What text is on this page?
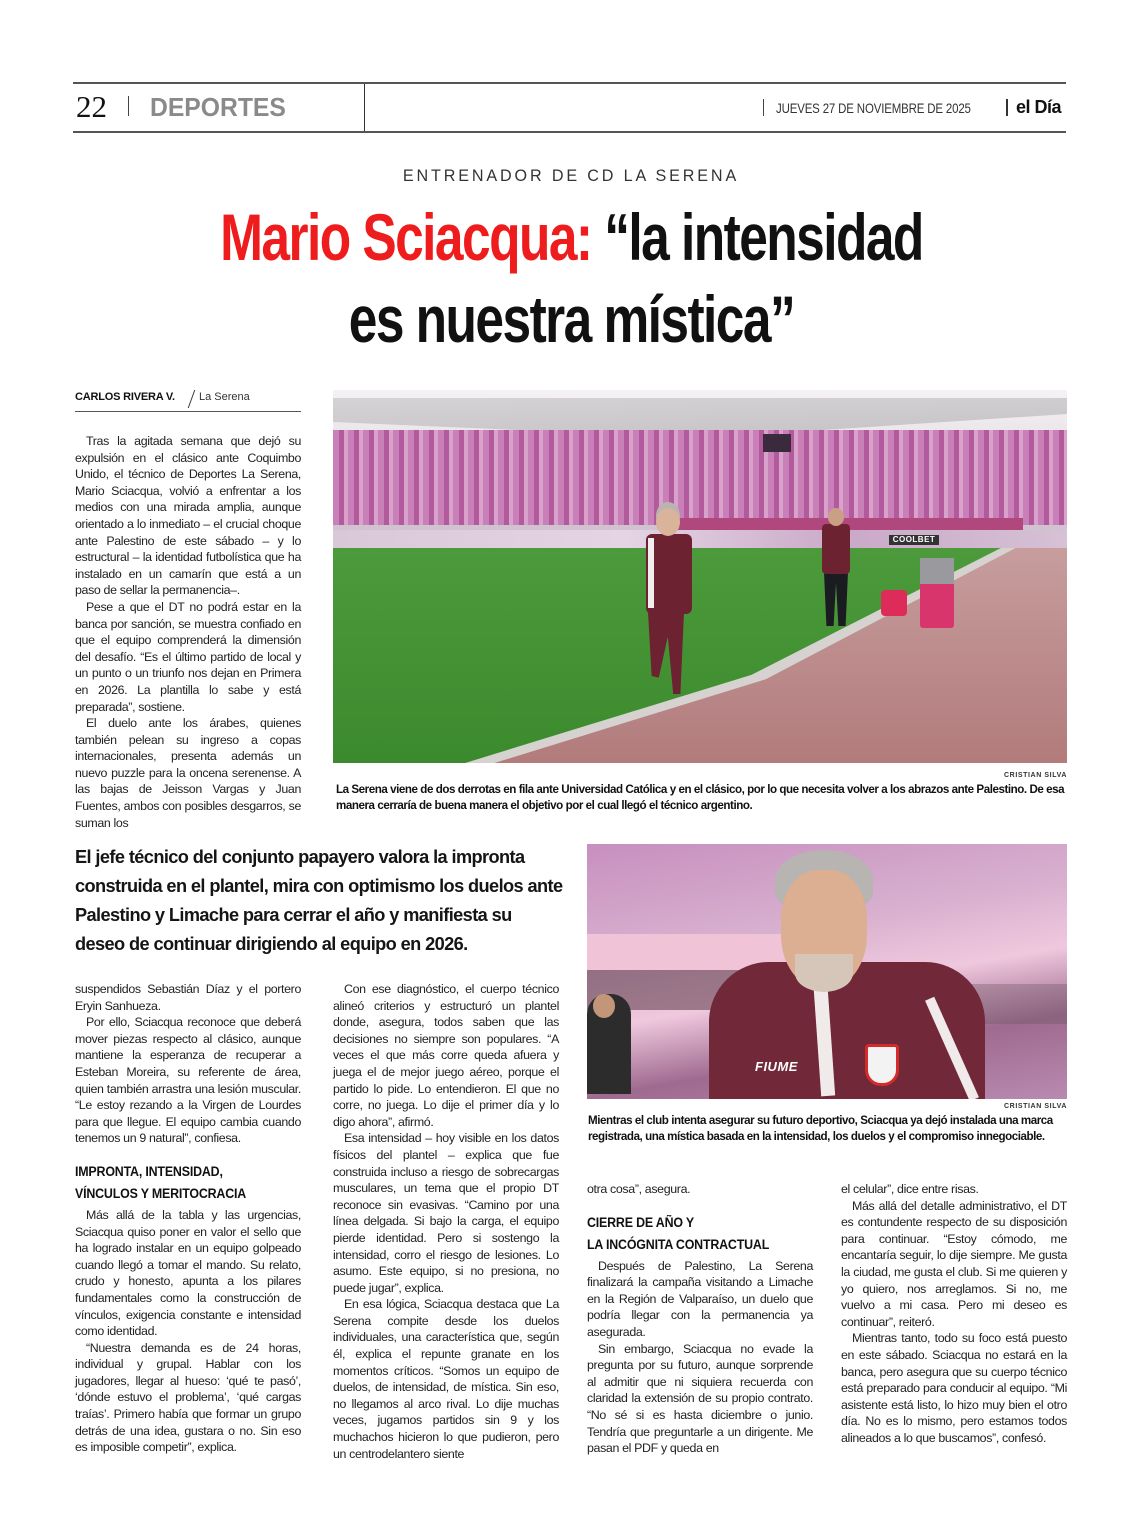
22 DEPORTES	JUEVES 27 DE NOVIEMBRE DE 2025	el Día
ENTRENADOR DE CD LA SERENA
Mario Sciacqua: “la intensidad
es nuestra mística”
CARLOS RIVERA V. La Serena

Tras la agitada semana que dejó su expulsión en el clásico ante Coquimbo Unido, el técnico de Deportes La Serena, Mario Sciacqua, volvió a enfrentar a los medios con una mirada amplia, aunque orientado a lo inmediato – el crucial choque ante Palestino de este sábado – y lo estructural – la identidad futbolística que ha instalado en un camarín que está a un paso de sellar la permanencia–.

Pese a que el DT no podrá estar en la banca por sanción, se muestra confiado en que el equipo comprenderá la dimensión del desafío. “Es el último partido de local y un punto o un triunfo nos dejan en Primera en 2026. La plantilla lo sabe y está preparada”, sostiene.

El duelo ante los árabes, quienes también pelean su ingreso a copas internacionales, presenta además un nuevo puzzle para la oncena serenense. A las bajas de Jeisson Vargas y Juan Fuentes, ambos con posibles desgarros, se suman los

COOLBET
CRISTIAN SILVA
La Serena viene de dos derrotas en fila ante Universidad Católica y en el clásico, por lo que necesita volver a los abrazos ante Palestino. De esa manera cerraría de buena manera el objetivo por el cual llegó el técnico argentino.
El jefe técnico del conjunto papayero valora la impronta construida en el plantel, mira con optimismo los duelos ante Palestino y Limache para cerrar el año y manifiesta su deseo de continuar dirigiendo al equipo en 2026.
FIUME
CRISTIAN SILVA
Mientras el club intenta asegurar su futuro deportivo, Sciacqua ya dejó instalada una marca registrada, una mística basada en la intensidad, los duelos y el compromiso innegociable.

suspendidos Sebastián Díaz y el portero Eryin Sanhueza.

Por ello, Sciacqua reconoce que deberá mover piezas respecto al clásico, aunque mantiene la esperanza de recuperar a Esteban Moreira, su referente de área, quien también arrastra una lesión muscular. “Le estoy rezando a la Virgen de Lourdes para que llegue. El equipo cambia cuando tenemos un 9 natural”, confiesa.

IMPRONTA, INTENSIDAD,
VÍNCULOS Y MERITOCRACIA

Más allá de la tabla y las urgencias, Sciacqua quiso poner en valor el sello que ha logrado instalar en un equipo golpeado cuando llegó a tomar el mando. Su relato, crudo y honesto, apunta a los pilares fundamentales como la construcción de vínculos, exigencia constante e intensidad como identidad.

“Nuestra demanda es de 24 horas, individual y grupal. Hablar con los jugadores, llegar al hueso: ‘qué te pasó’, ‘dónde estuvo el problema’, ‘qué cargas traías’. Primero había que formar un grupo detrás de una idea, gustara o no. Sin eso es imposible competir”, explica.

Con ese diagnóstico, el cuerpo técnico alineó criterios y estructuró un plantel donde, asegura, todos saben que las decisiones no siempre son populares. “A veces el que más corre queda afuera y juega el de mejor juego aéreo, porque el partido lo pide. Lo entendieron. El que no corre, no juega. Lo dije el primer día y lo digo ahora”, afirmó.

Esa intensidad – hoy visible en los datos físicos del plantel – explica que fue construida incluso a riesgo de sobrecargas musculares, un tema que el propio DT reconoce sin evasivas. “Camino por una línea delgada. Si bajo la carga, el equipo pierde identidad. Pero si sostengo la intensidad, corro el riesgo de lesiones. Lo asumo. Este equipo, si no presiona, no puede jugar”, explica.

En esa lógica, Sciacqua destaca que La Serena compite desde los duelos individuales, una característica que, según él, explica el repunte granate en los momentos críticos. “Somos un equipo de duelos, de intensidad, de mística. Sin eso, no llegamos al arco rival. Lo dije muchas veces, jugamos partidos sin 9 y los muchachos hicieron lo que pudieron, pero un centrodelantero siente

otra cosa”, asegura.

CIERRE DE AÑO Y
LA INCÓGNITA CONTRACTUAL

Después de Palestino, La Serena finalizará la campaña visitando a Limache en la Región de Valparaíso, un duelo que podría llegar con la permanencia ya asegurada.

Sin embargo, Sciacqua no evade la pregunta por su futuro, aunque sorprende al admitir que ni siquiera recuerda con claridad la extensión de su propio contrato. “No sé si es hasta diciembre o junio. Tendría que preguntarle a un dirigente. Me pasan el PDF y queda en

el celular”, dice entre risas.

Más allá del detalle administrativo, el DT es contundente respecto de su disposición para continuar. “Estoy cómodo, me encantaría seguir, lo dije siempre. Me gusta la ciudad, me gusta el club. Si me quieren y yo quiero, nos arreglamos. Si no, me vuelvo a mi casa. Pero mi deseo es continuar”, reiteró.

Mientras tanto, todo su foco está puesto en este sábado. Sciacqua no estará en la banca, pero asegura que su cuerpo técnico está preparado para conducir al equipo. “Mi asistente está listo, lo hizo muy bien el otro día. No es lo mismo, pero estamos todos alineados a lo que buscamos”, confesó.
